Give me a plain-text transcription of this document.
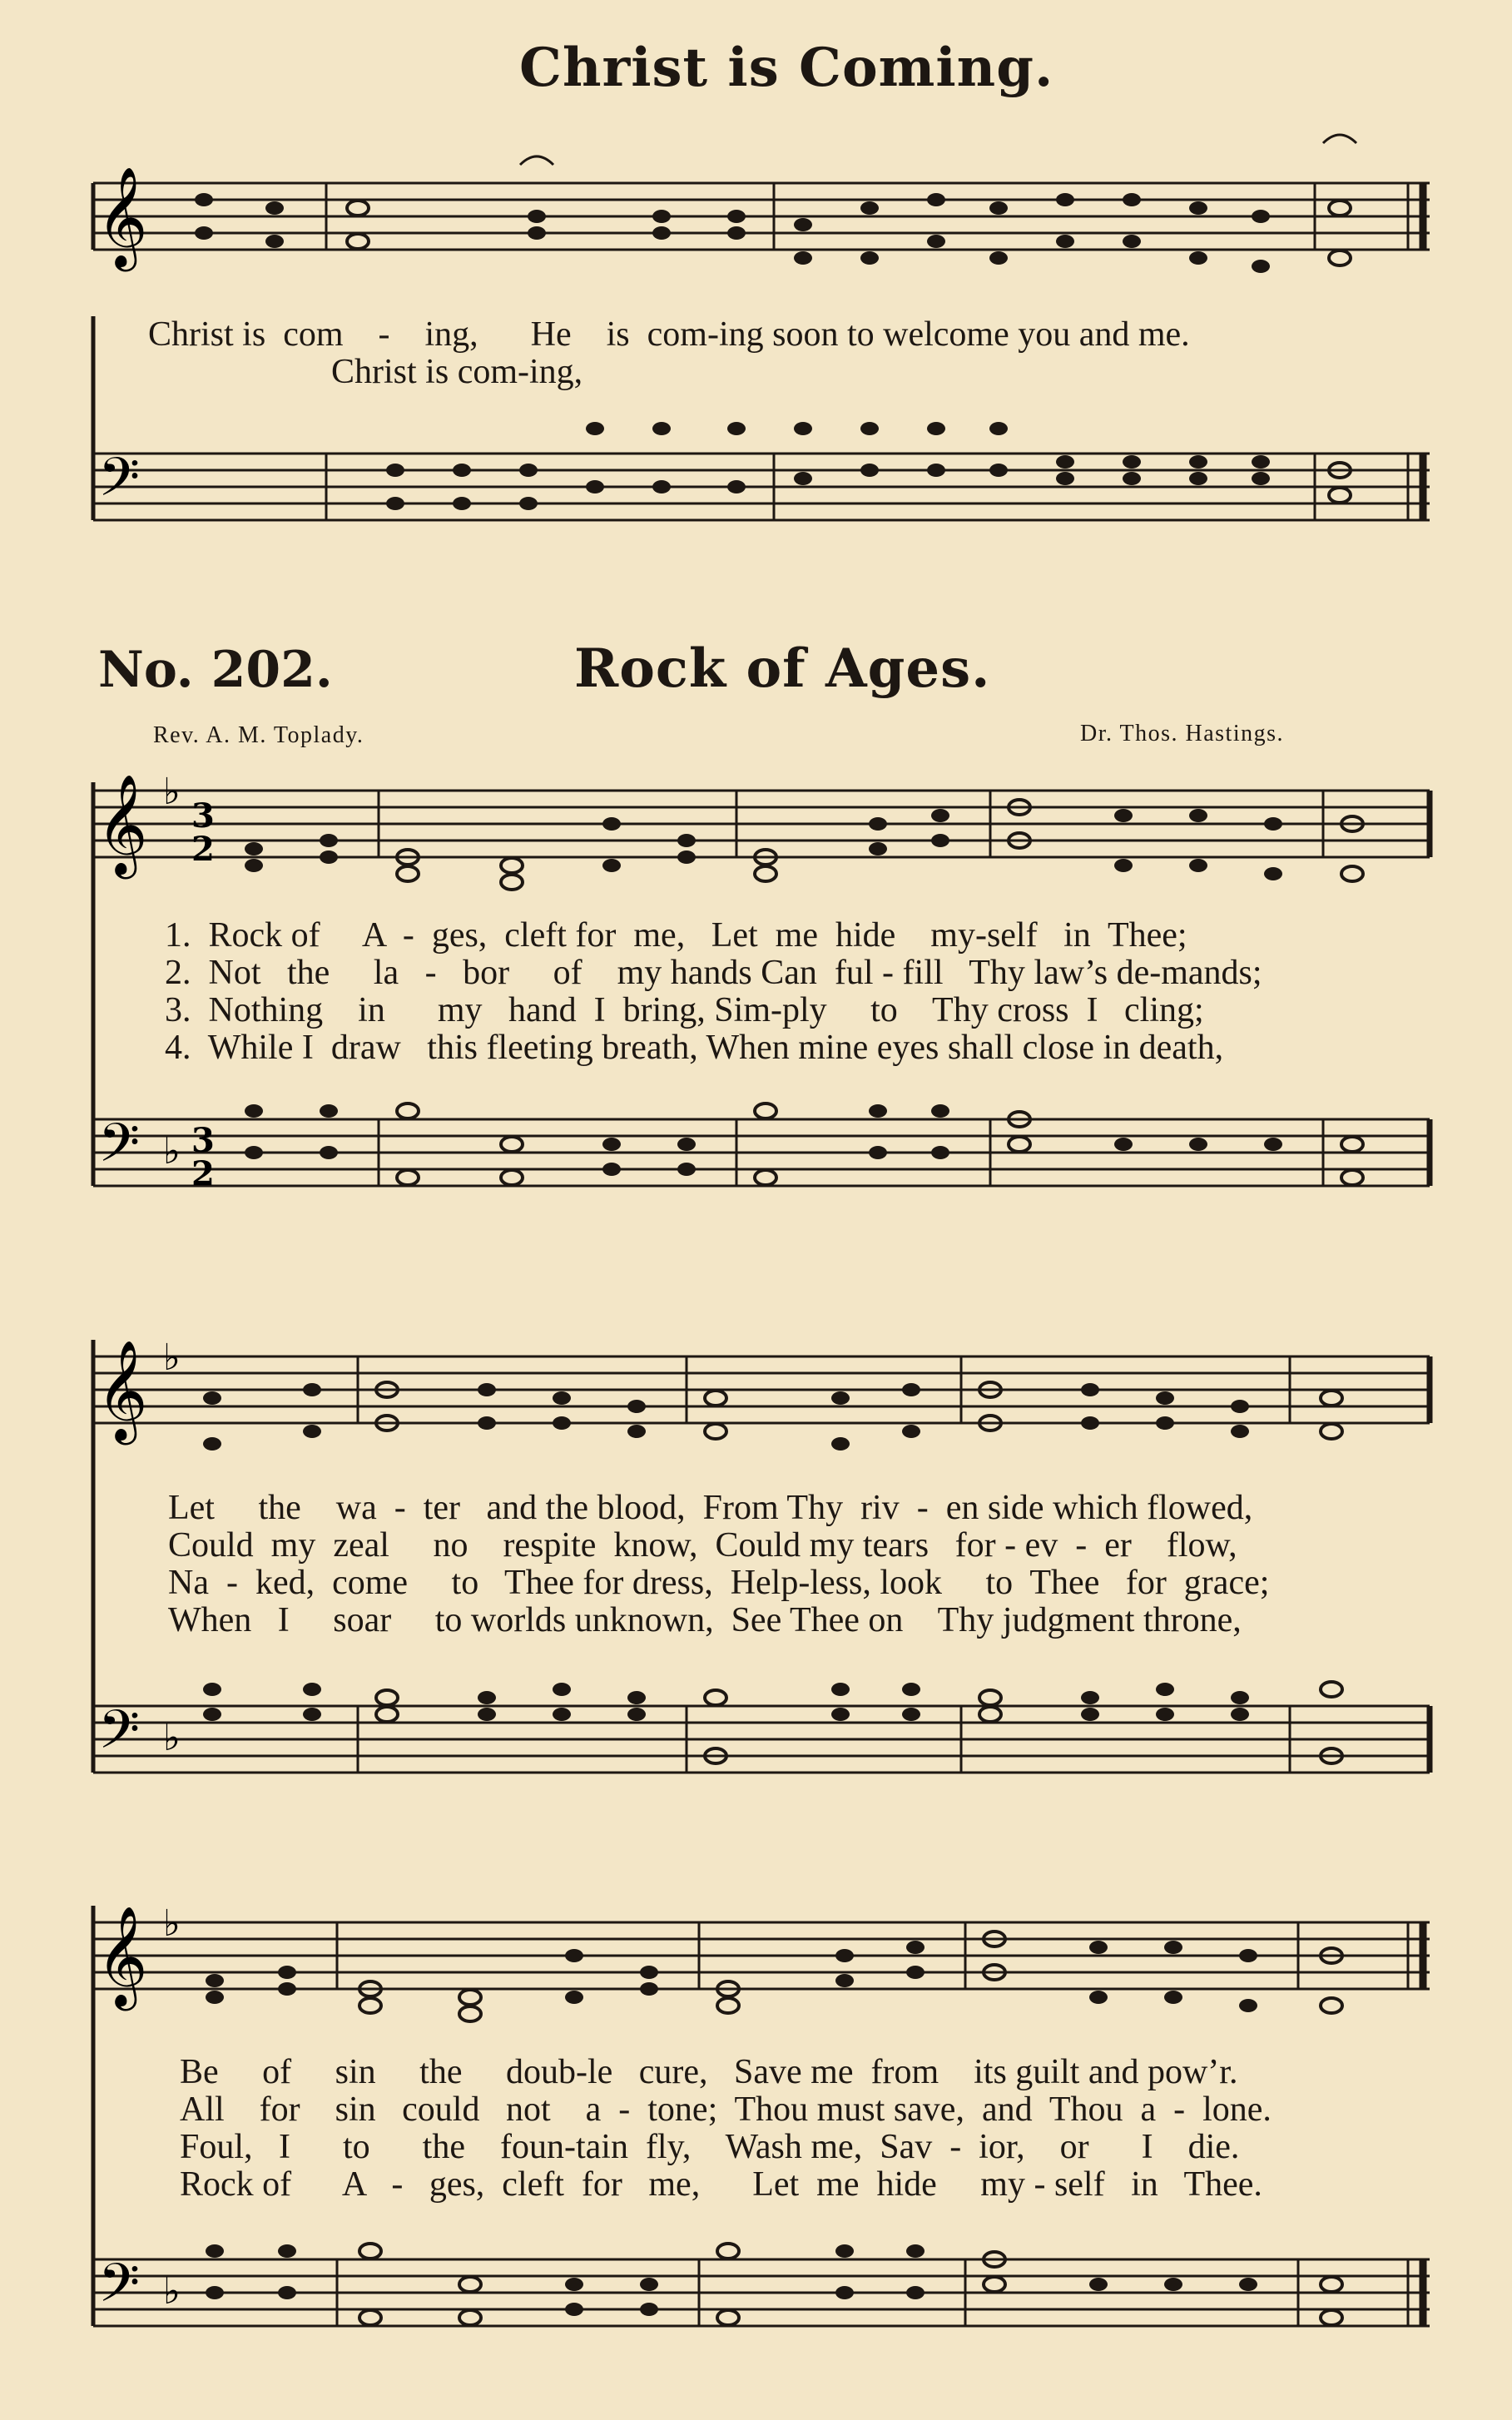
Christ is Coming.
𝄞
Christ is  com    -    ing,      He    is  com-ing soon to welcome you and me.
Christ is com-ing,
𝄢
No. 202.	Rock of Ages.
Rev. A. M. Toplady.	Dr. Thos. Hastings.
𝄞 ♭
3
2
1.  Rock of     A  -  ges,  cleft for  me,   Let  me  hide    my-self   in  Thee;
2.  Not   the     la   -   bor     of    my hands Can  ful - fill   Thy law’s de-mands;
3.  Nothing    in      my   hand  I  bring, Sim-ply     to    Thy cross  I   cling;
4.  While I  draw   this fleeting breath, When mine eyes shall close in death,
𝄢 ♭ 3
2
𝄞 ♭
Let     the    wa  -  ter   and the blood,  From Thy  riv  -  en side which flowed,
Could  my  zeal     no    respite  know,  Could my tears   for - ev  -  er    flow,
Na  -  ked,  come     to   Thee for dress,  Help-less, look     to  Thee   for  grace;
When   I     soar     to worlds unknown,  See Thee on    Thy judgment throne,
𝄢 ♭
𝄞 ♭
Be     of     sin     the     doub-le   cure,   Save me  from    its guilt and pow’r.
All    for    sin   could   not    a  -  tone;  Thou must save,  and  Thou  a  -  lone.
Foul,   I      to      the    foun-tain  fly,    Wash me,  Sav  -  ior,    or      I    die.
Rock of      A   -   ges,  cleft  for   me,      Let  me  hide     my - self   in   Thee.
𝄢 ♭
